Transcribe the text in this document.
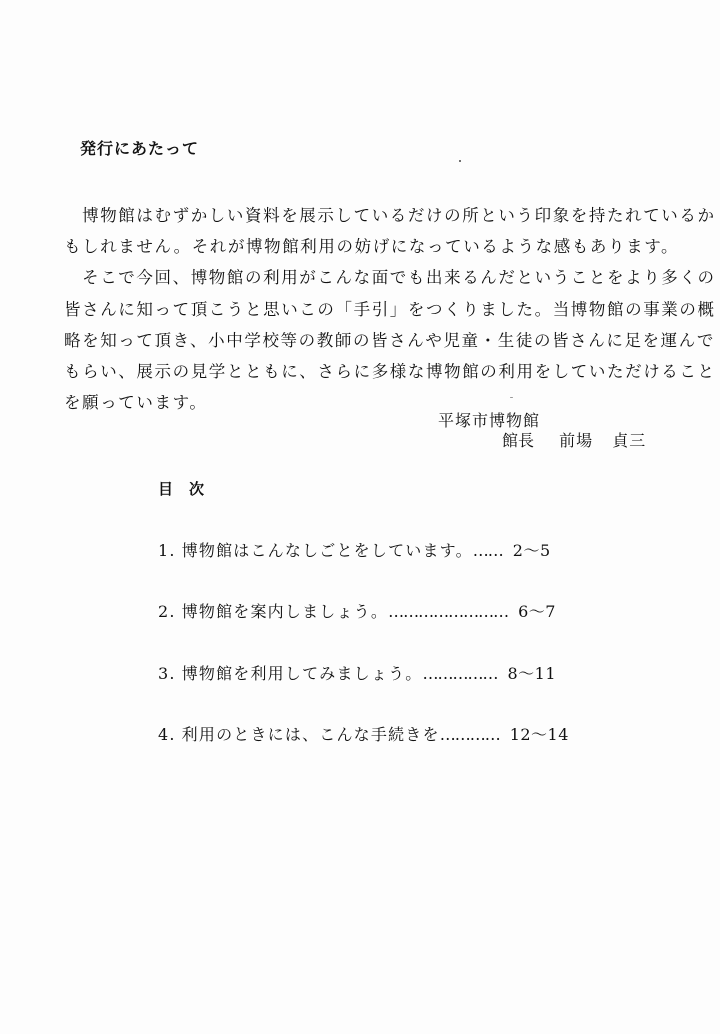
発行にあたって
　博物館はむずかしい資料を展示しているだけの所という印象を持たれているか
もしれません。それが博物館利用の妨げになっているような感もあります。
　そこで今回、博物館の利用がこんな面でも出来るんだということをより多くの
皆さんに知って頂こうと思いこの「手引」をつくりました。当博物館の事業の概
略を知って頂き、小中学校等の教師の皆さんや児童・生徒の皆さんに足を運んで
もらい、展示の見学とともに、さらに多様な博物館の利用をしていただけること
を願っています。
平塚市博物館
館長 前場 貞三
目 次
1. 博物館はこんなしごとをしています。…… 2～5
2. 博物館を案内しましょう。…………………… 6～7
3. 博物館を利用してみましょう。…………… 8～11
4. 利用のときには、こんな手続きを………… 12～14
